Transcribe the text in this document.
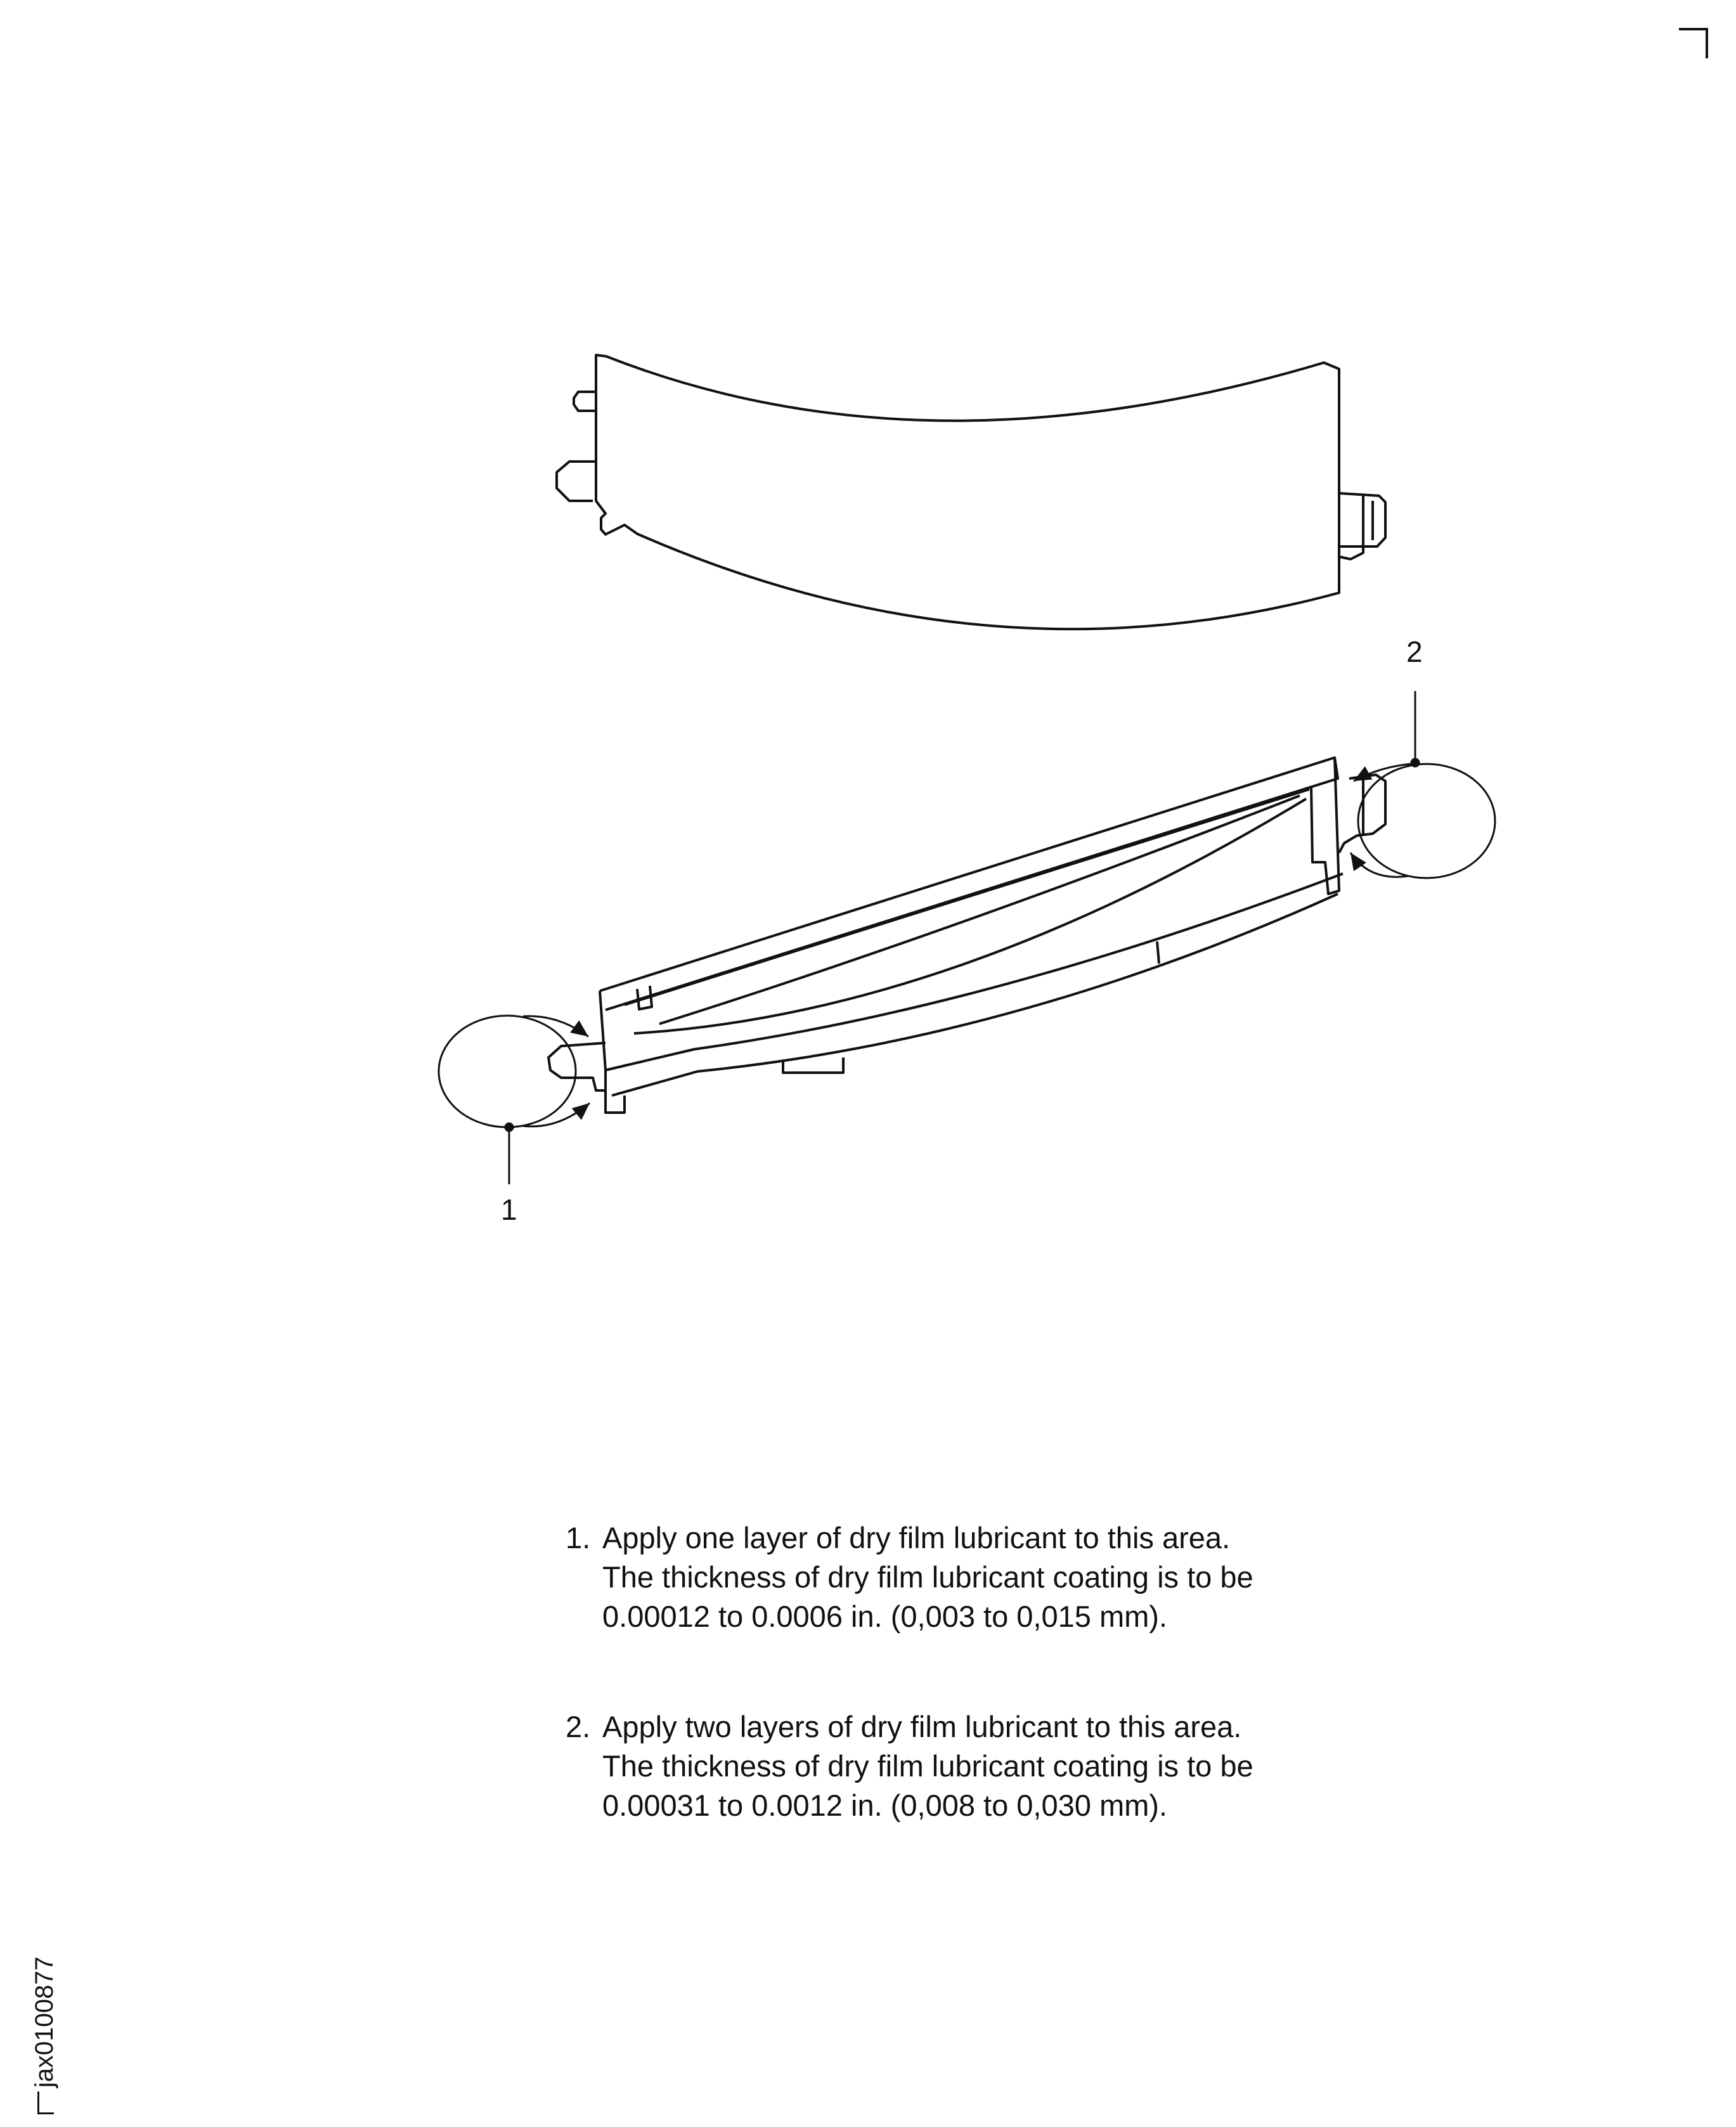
1
2
1. Apply one layer of dry film lubricant to this area.
The thickness of dry film lubricant coating is to be
0.00012 to 0.0006 in. (0,003 to 0,015 mm).
2. Apply two layers of dry film lubricant to this area.
The thickness of dry film lubricant coating is to be
0.00031 to 0.0012 in. (0,008 to 0,030 mm).
jax0100877
